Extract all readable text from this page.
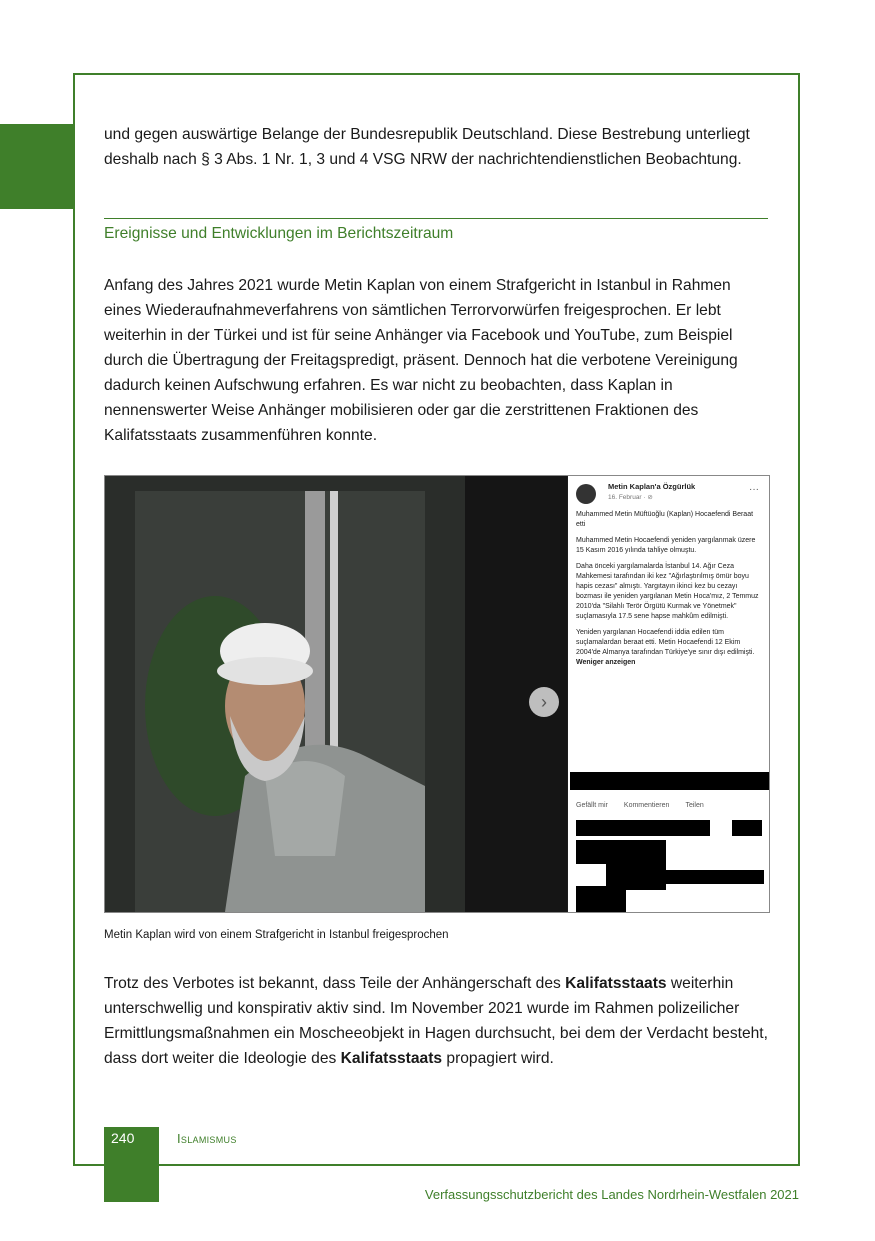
und gegen auswärtige Belange der Bundesrepublik Deutschland. Diese Bestrebung unterliegt deshalb nach § 3 Abs. 1 Nr. 1, 3 und 4 VSG NRW der nachrichtendienstlichen Beobachtung.

Ereignisse und Entwicklungen im Berichtszeitraum

Anfang des Jahres 2021 wurde Metin Kaplan von einem Strafgericht in Istanbul in Rahmen eines Wiederaufnahmeverfahrens von sämtlichen Terrorvorwürfen freigesprochen. Er lebt weiterhin in der Türkei und ist für seine Anhänger via Facebook und YouTube, zum Beispiel durch die Übertragung der Freitagspredigt, präsent. Dennoch hat die verbotene Vereinigung dadurch keinen Aufschwung erfahren. Es war nicht zu beobachten, dass Kaplan in nennenswerter Weise Anhänger mobilisieren oder gar die zerstrittenen Fraktionen des Kalifatsstaats zusammenführen konnte.

›
Metin Kaplan'a Özgürlük
16. Februar · ⊘
···

Muhammed Metin Müftüoğlu (Kaplan) Hocaefendi Beraat etti

Muhammed Metin Hocaefendi yeniden yargılanmak üzere 15 Kasım 2016 yılında tahliye olmuştu.

Daha önceki yargılamalarda İstanbul 14. Ağır Ceza Mahkemesi tarafından iki kez "Ağırlaştırılmış ömür boyu hapis cezası" almıştı. Yargıtayın ikinci kez bu cezayı bozması ile yeniden yargılanan Metin Hoca'mız, 2 Temmuz 2010'da "Silahlı Terör Örgütü Kurmak ve Yönetmek" suçlamasıyla 17.5 sene hapse mahkûm edilmişti.

Yeniden yargılanan Hocaefendi iddia edilen tüm suçlamalardan beraat etti. Metin Hocaefendi 12 Ekim 2004'de Almanya tarafından Türkiye'ye sınır dışı edilmişti. Weniger anzeigen

Gefällt mir Kommentieren Teilen

Metin Kaplan wird von einem Strafgericht in Istanbul freigesprochen

Trotz des Verbotes ist bekannt, dass Teile der Anhängerschaft des Kalifatsstaats weiterhin unterschwellig und konspirativ aktiv sind. Im November 2021 wurde im Rahmen polizeilicher Ermittlungsmaßnahmen ein Moscheeobjekt in Hagen durchsucht, bei dem der Verdacht besteht, dass dort weiter die Ideologie des Kalifatsstaats propagiert wird.

240	Islamismus
Verfassungsschutzbericht des Landes Nordrhein-Westfalen 2021
